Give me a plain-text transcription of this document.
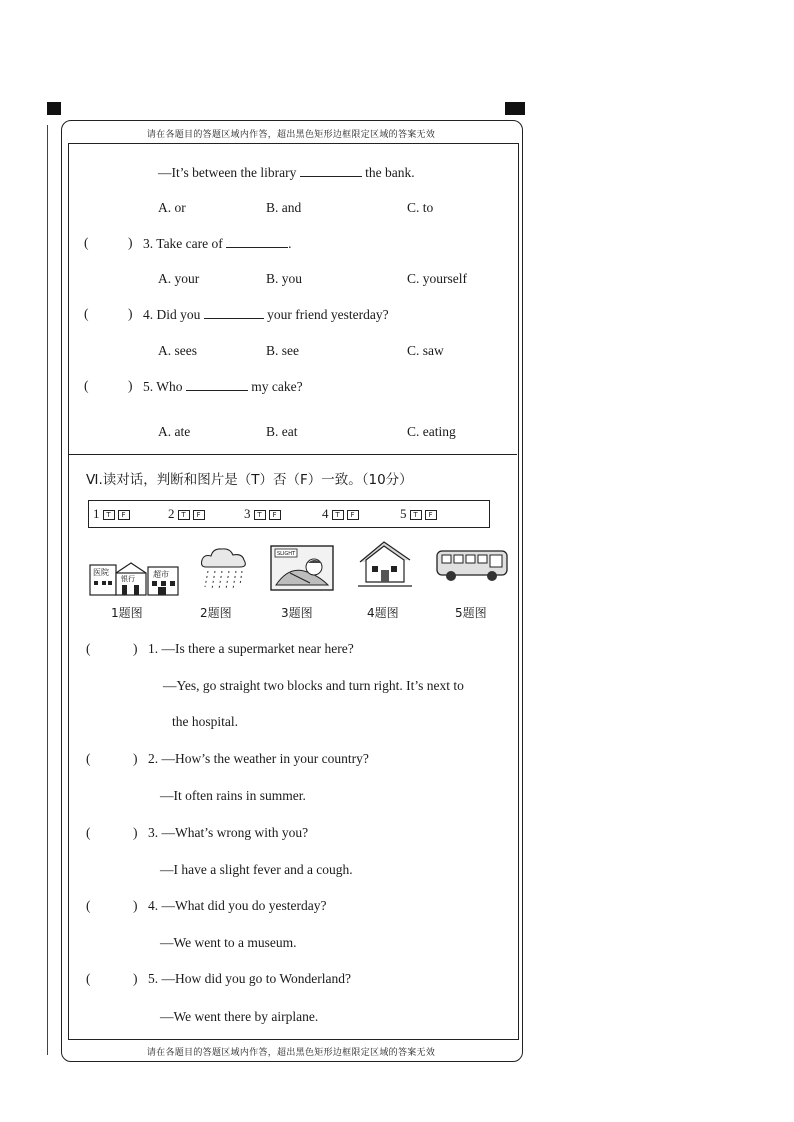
请在各题目的答题区域内作答，超出黑色矩形边框限定区域的答案无效
—It’s between the library	the bank.
A. or	B. and	C. to
(	) 3. Take care of	.
A. your	B. you	C. yourself
(	) 4. Did you	your friend yesterday?
A. sees	B. see	C. saw
(	) 5. Who	my cake?
A. ate	B. eat	C. eating
Ⅵ.读对话，判断和图片是（T）否（F）一致。（10分）
1 T F	2 T F	3 T F	4 T F	5 T F
医院
银行 超市
SLIGHT
1题图	2题图	3题图	4题图	5题图
(	) 1. —Is there a supermarket near here?
—Yes, go straight two blocks and turn right. It’s next to
the hospital.
(	) 2. —How’s the weather in your country?
—It often rains in summer.
(	) 3. —What’s wrong with you?
—I have a slight fever and a cough.
(	) 4. —What did you do yesterday?
—We went to a museum.
(	) 5. —How did you go to Wonderland?
—We went there by airplane.
请在各题目的答题区域内作答，超出黑色矩形边框限定区域的答案无效
